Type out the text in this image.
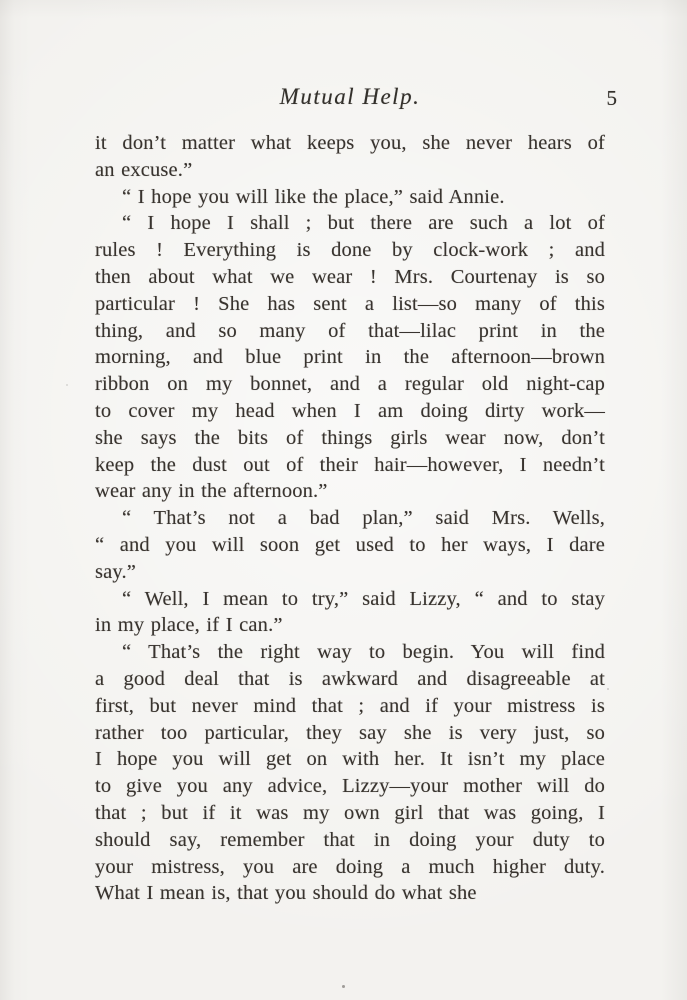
Mutual Help.	5
it don’t matter what keeps you, she never hears of
an excuse.”
“ I hope you will like the place,” said Annie.
“ I hope I shall ; but there are such a lot of
rules ! Everything is done by clock-work ; and
then about what we wear ! Mrs. Courtenay is so
particular ! She has sent a list—so many of this
thing, and so many of that—lilac print in the
morning, and blue print in the afternoon—brown
ribbon on my bonnet, and a regular old night-cap
to cover my head when I am doing dirty work—
she says the bits of things girls wear now, don’t
keep the dust out of their hair—however, I needn’t
wear any in the afternoon.”
“ That’s not a bad plan,” said Mrs. Wells,
“ and you will soon get used to her ways, I dare
say.”
“ Well, I mean to try,” said Lizzy, “ and to stay
in my place, if I can.”
“ That’s the right way to begin. You will find
a good deal that is awkward and disagreeable at
first, but never mind that ; and if your mistress is
rather too particular, they say she is very just, so
I hope you will get on with her. It isn’t my place
to give you any advice, Lizzy—your mother will do
that ; but if it was my own girl that was going, I
should say, remember that in doing your duty to
your mistress, you are doing a much higher duty.
What I mean is, that you should do what she
